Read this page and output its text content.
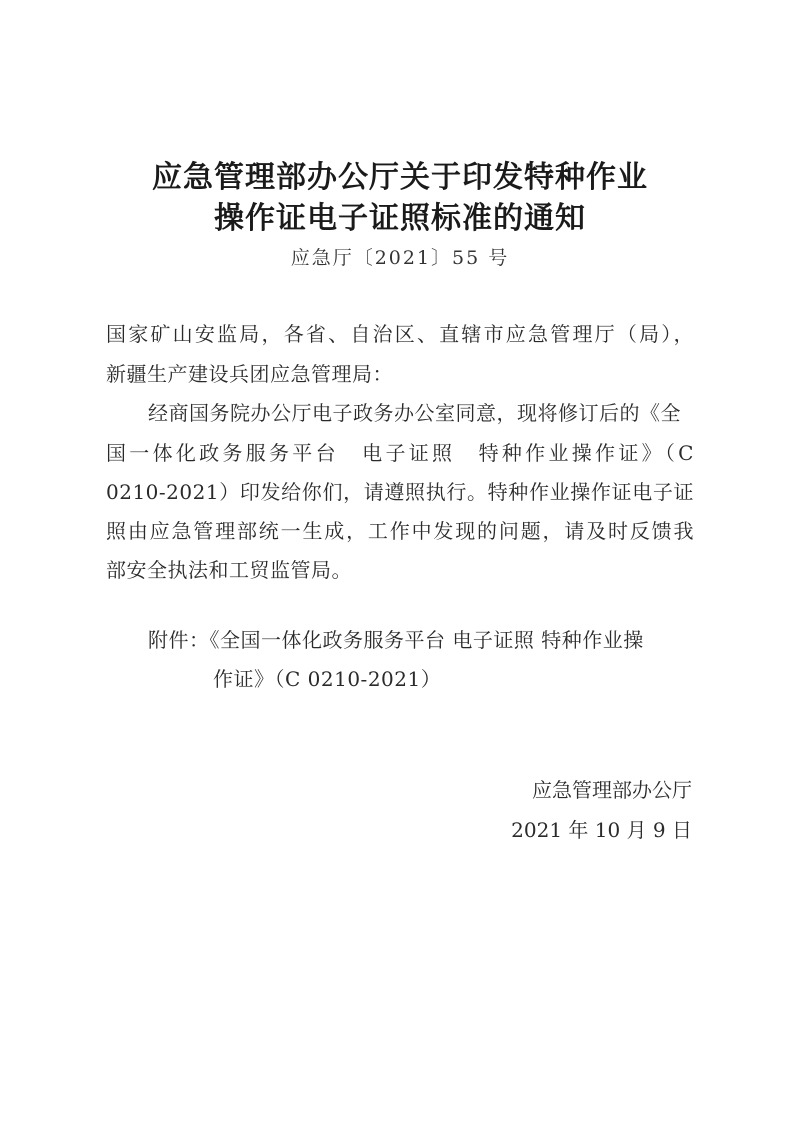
应急管理部办公厅关于印发特种作业
操作证电子证照标准的通知
应急厅〔2021〕55 号
国家矿山安监局，各省、自治区、直辖市应急管理厅（局），
新疆生产建设兵团应急管理局：
经商国务院办公厅电子政务办公室同意，现将修订后的《全
国一体化政务服务平台　电子证照　特种作业操作证》（C
0210-2021）印发给你们，请遵照执行。特种作业操作证电子证
照由应急管理部统一生成，工作中发现的问题，请及时反馈我
部安全执法和工贸监管局。
附件：《全国一体化政务服务平台 电子证照 特种作业操
作证》（C 0210-2021）
应急管理部办公厅
2021 年 10 月 9 日
